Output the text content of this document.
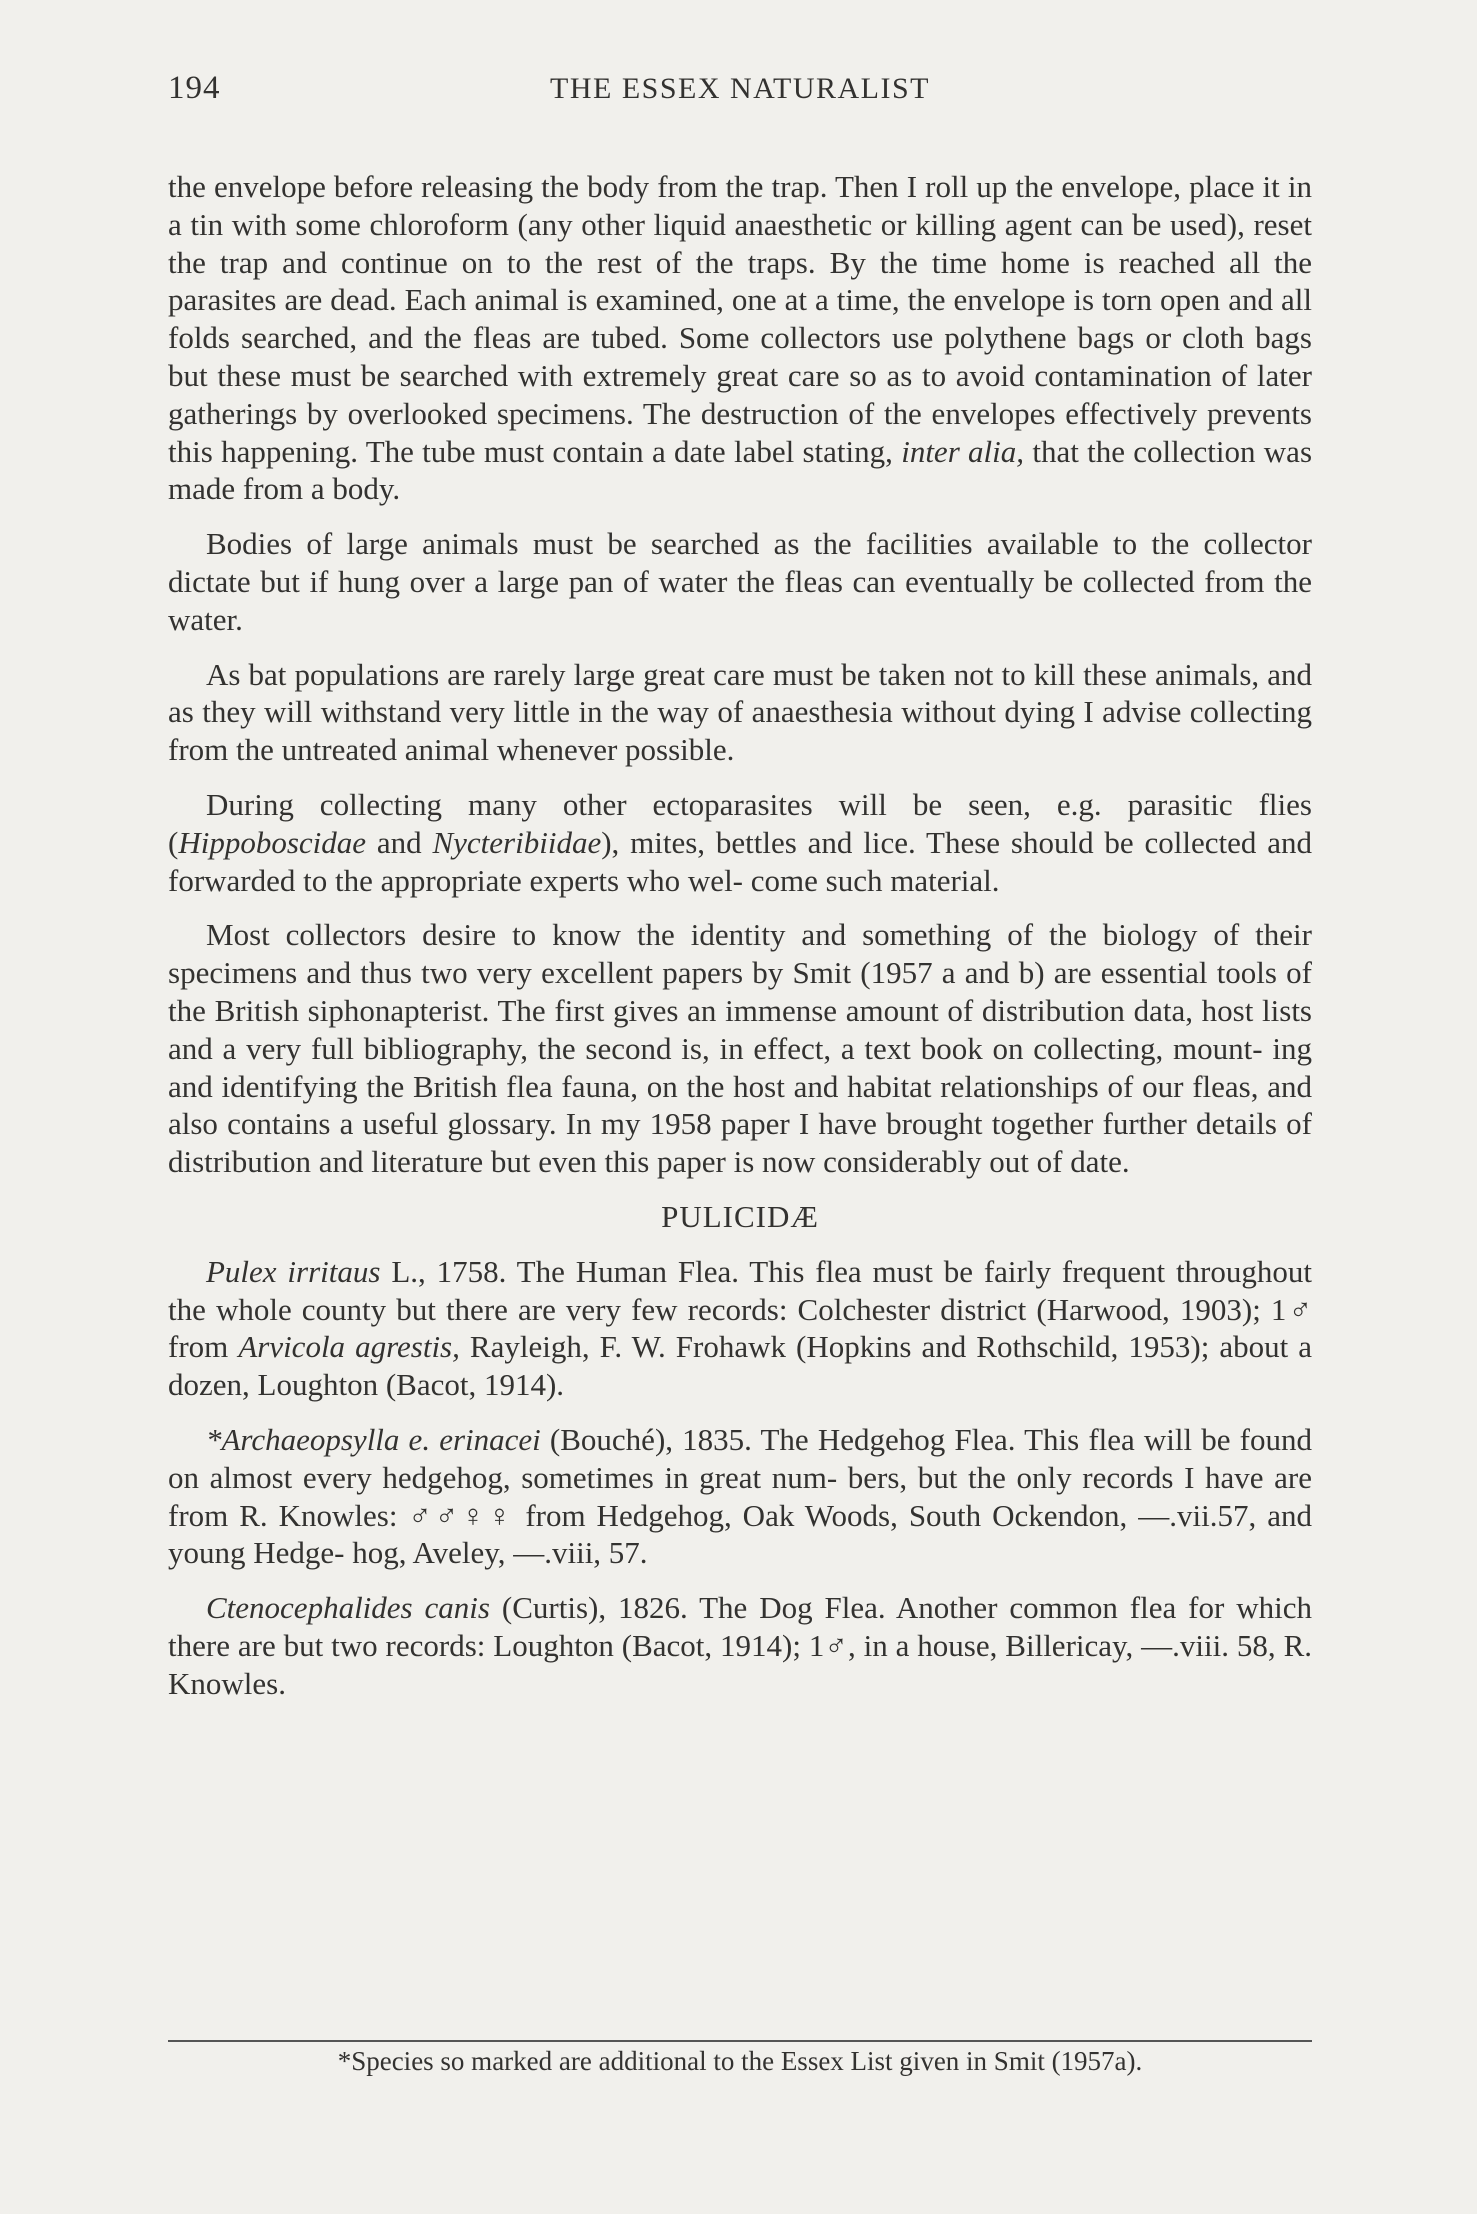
194	THE ESSEX NATURALIST

the envelope before releasing the body from the trap. Then I roll up the envelope, place it in a tin with some chloroform (any other liquid anaesthetic or killing agent can be used), reset the trap and continue on to the rest of the traps. By the time home is reached all the parasites are dead. Each animal is examined, one at a time, the envelope is torn open and all folds searched, and the fleas are tubed. Some collectors use polythene bags or cloth bags but these must be searched with extremely great care so as to avoid contamination of later gatherings by overlooked specimens. The destruction of the envelopes effectively prevents this happening. The tube must contain a date label stating, inter alia, that the collection was made from a body.

Bodies of large animals must be searched as the facilities available to the collector dictate but if hung over a large pan of water the fleas can eventually be collected from the water.

As bat populations are rarely large great care must be taken not to kill these animals, and as they will withstand very little in the way of anaesthesia without dying I advise collecting from the untreated animal whenever possible.

During collecting many other ectoparasites will be seen, e.g. parasitic flies (Hippoboscidae and Nycteribiidae), mites, bettles and lice. These should be collected and forwarded to the appropriate experts who wel- come such material.

Most collectors desire to know the identity and something of the biology of their specimens and thus two very excellent papers by Smit (1957 a and b) are essential tools of the British siphonapterist. The first gives an immense amount of distribution data, host lists and a very full bibliography, the second is, in effect, a text book on collecting, mount- ing and identifying the British flea fauna, on the host and habitat relationships of our fleas, and also contains a useful glossary. In my 1958 paper I have brought together further details of distribution and literature but even this paper is now considerably out of date.

PULICIDÆ

Pulex irritaus L., 1758. The Human Flea. This flea must be fairly frequent throughout the whole county but there are very few records: Colchester district (Harwood, 1903); 1♂ from Arvicola agrestis, Rayleigh, F. W. Frohawk (Hopkins and Rothschild, 1953); about a dozen, Loughton (Bacot, 1914).

*Archaeopsylla e. erinacei (Bouché), 1835. The Hedgehog Flea. This flea will be found on almost every hedgehog, sometimes in great num- bers, but the only records I have are from R. Knowles: ♂♂♀♀ from Hedgehog, Oak Woods, South Ockendon, —.vii.57, and young Hedge- hog, Aveley, —.viii, 57.

Ctenocephalides canis (Curtis), 1826. The Dog Flea. Another common flea for which there are but two records: Loughton (Bacot, 1914); 1♂, in a house, Billericay, —.viii. 58, R. Knowles.

*Species so marked are additional to the Essex List given in Smit (1957a).
